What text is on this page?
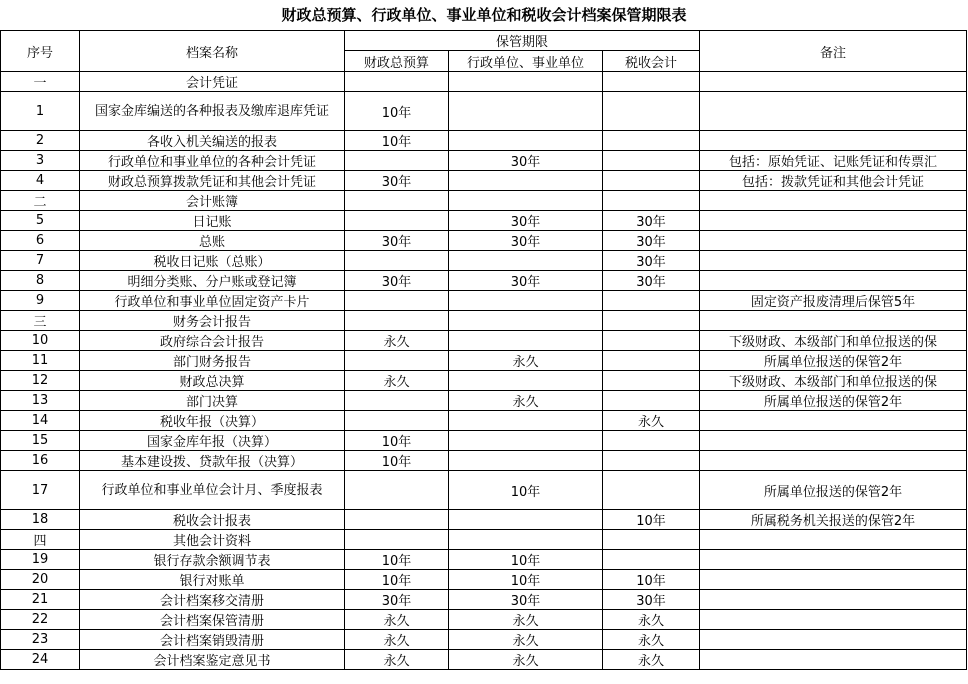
财政总预算、行政单位、事业单位和税收会计档案保管期限表
序号	档案名称	保管期限			备注
		财政总预算	行政单位、事业单位	税收会计	
一	会计凭证				
1	国家金库编送的各种报表及缴库退库凭证	10年			
2	各收入机关编送的报表	10年			
3	行政单位和事业单位的各种会计凭证		30年		包括：原始凭证、记账凭证和传票汇
4	财政总预算拨款凭证和其他会计凭证	30年			包括：拨款凭证和其他会计凭证
二	会计账簿				
5	日记账		30年	30年	
6	总账	30年	30年	30年	
7	税收日记账（总账）			30年	
8	明细分类账、分户账或登记簿	30年	30年	30年	
9	行政单位和事业单位固定资产卡片				固定资产报废清理后保管5年
三	财务会计报告				
10	政府综合会计报告	永久			下级财政、本级部门和单位报送的保
11	部门财务报告		永久		所属单位报送的保管2年
12	财政总决算	永久			下级财政、本级部门和单位报送的保
13	部门决算		永久		所属单位报送的保管2年
14	税收年报（决算）			永久	
15	国家金库年报（决算）	10年			
16	基本建设拨、贷款年报（决算）	10年			
17	行政单位和事业单位会计月、季度报表		10年		所属单位报送的保管2年
18	税收会计报表			10年	所属税务机关报送的保管2年
四	其他会计资料				
19	银行存款余额调节表	10年	10年		
20	银行对账单	10年	10年	10年	
21	会计档案移交清册	30年	30年	30年	
22	会计档案保管清册	永久	永久	永久	
23	会计档案销毁清册	永久	永久	永久	
24	会计档案鉴定意见书	永久	永久	永久	
